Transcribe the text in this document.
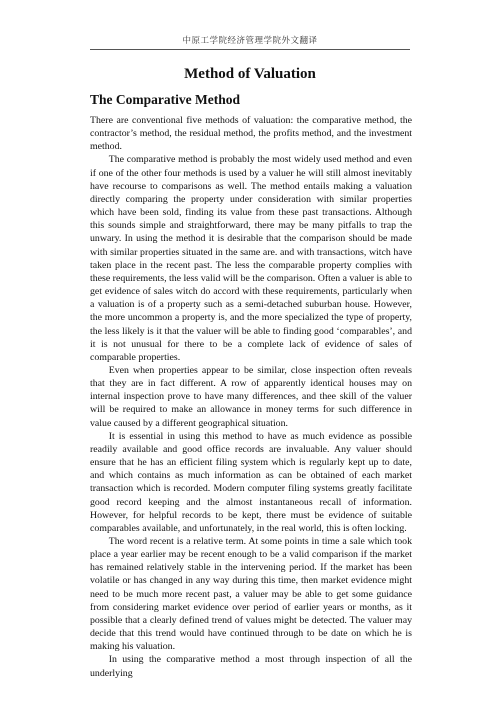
中原工学院经济管理学院外文翻译
Method of Valuation
The Comparative Method

There are conventional five methods of valuation: the comparative method, the contractor’s method, the residual method, the profits method, and the investment method.

The comparative method is probably the most widely used method and even if one of the other four methods is used by a valuer he will still almost inevitably have recourse to comparisons as well. The method entails making a valuation directly comparing the property under consideration with similar properties which have been sold, finding its value from these past transactions. Although this sounds simple and straightforward, there may be many pitfalls to trap the unwary. In using the method it is desirable that the comparison should be made with similar properties situated in the same are. and with transactions, witch have taken place in the recent past. The less the comparable property complies with these requirements, the less valid will be the comparison. Often a valuer is able to get evidence of sales witch do accord with these requirements, particularly when a valuation is of a property such as a semi-detached suburban house. However, the more uncommon a property is, and the more specialized the type of property, the less likely is it that the valuer will be able to finding good ‘comparables’, and it is not unusual for there to be a complete lack of evidence of sales of comparable properties.

Even when properties appear to be similar, close inspection often reveals that they are in fact different. A row of apparently identical houses may on internal inspection prove to have many differences, and thee skill of the valuer will be required to make an allowance in money terms for such difference in value caused by a different geographical situation.

It is essential in using this method to have as much evidence as possible readily available and good office records are invaluable. Any valuer should ensure that he has an efficient filing system which is regularly kept up to date, and which contains as much information as can be obtained of each market transaction which is recorded. Modern computer filing systems greatly facilitate good record keeping and the almost instantaneous recall of information. However, for helpful records to be kept, there must be evidence of suitable comparables available, and unfortunately, in the real world, this is often locking.

The word recent is a relative term. At some points in time a sale which took place a year earlier may be recent enough to be a valid comparison if the market has remained relatively stable in the intervening period. If the market has been volatile or has changed in any way during this time, then market evidence might need to be much more recent past, a valuer may be able to get some guidance from considering market evidence over period of earlier years or months, as it possible that a clearly defined trend of values might be detected. The valuer may decide that this trend would have continued through to be date on which he is making his valuation.

In using the comparative method a most through inspection of all the underlying
